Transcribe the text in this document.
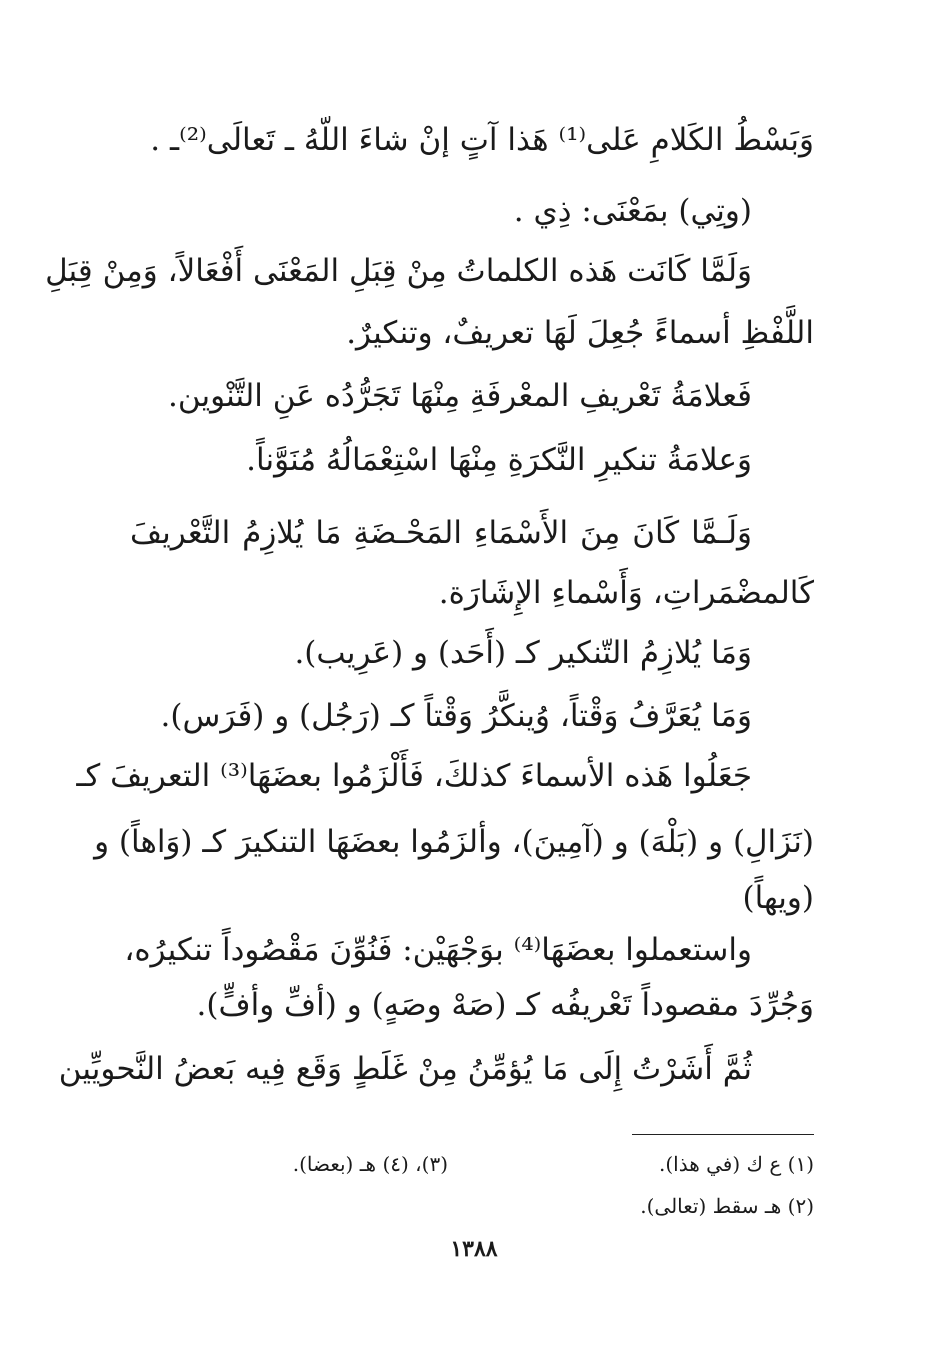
وَبَسْطُ الكَلامِ عَلى⁽¹⁾ هَذا آتٍ إنْ شاءَ اللّهُ ـ تَعالَى⁽²⁾ـ .
(وتِي) بمَعْنَى: ذِي .
وَلَمَّا كَانَت هَذه الكلماتُ مِنْ قِبَلِ المَعْنَى أَفْعَالاً، وَمِنْ قِبَلِ
اللَّفْظِ أسماءً جُعِلَ لَهَا تعريفٌ، وتنكيرٌ.
فَعلامَةُ تَعْريفِ المعْرفَةِ مِنْهَا تَجَرُّدُه عَنِ التَّنْوين.
وَعلامَةُ تنكيرِ النَّكرَةِ مِنْهَا اسْتِعْمَالُهُ مُنَوَّناً.
وَلَـمَّا كَانَ مِنَ الأَسْمَاءِ المَحْـضَةِ مَا يُلازِمُ التَّعْريفَ
كَالمضْمَراتِ، وَأَسْماءِ الإِشَارَة.
وَمَا يُلازِمُ التّنكير كـ (أَحَد) و (عَرِيب).
وَمَا يُعَرَّفُ وَقْتاً، وُينكَّرُ وَقْتاً كـ (رَجُل) و (فَرَس).
جَعَلُوا هَذه الأسماءَ كذلكَ، فَأَلْزَمُوا بعضَهَا⁽³⁾ التعريفَ كـ
(نَزَالِ) و (بَلْهَ) و (آمِينَ)، وألزَمُوا بعضَهَا التنكيرَ كـ (وَاهاً) و
(ويهاً)
واستعملوا بعضَهَا⁽⁴⁾ بوَجْهَيْن: فَنُوِّنَ مَقْصُوداً تنكيرُه،
وَجُرِّدَ مقصوداً تَعْريفُه كـ (صَهْ وصَهٍ) و (أفِّ وأفٍّ).
ثُمَّ أَشَرْتُ إِلَى مَا يُؤمِّنُ مِنْ غَلَطٍ وَقَع فِيه بَعضُ النَّحويِّين
(١) ع ك (في هذا).
(٣)، (٤) هـ (بعضا).
(٢) هـ سقط (تعالى).
١٣٨٨
